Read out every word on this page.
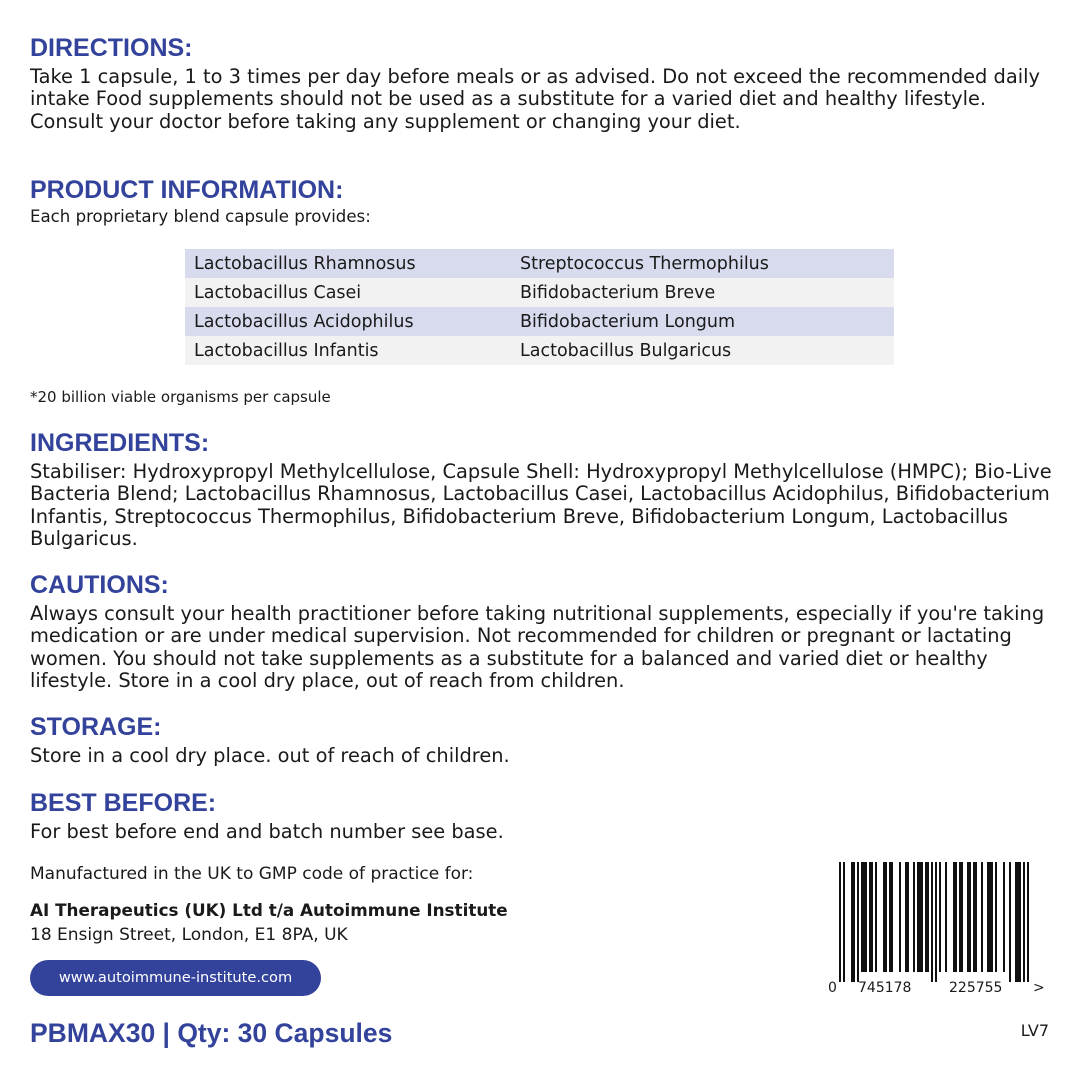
DIRECTIONS:

Take 1 capsule, 1 to 3 times per day before meals or as advised. Do not exceed the recommended daily intake Food supplements should not be used as a substitute for a varied diet and healthy lifestyle. Consult your doctor before taking any supplement or changing your diet.

PRODUCT INFORMATION:

Each proprietary blend capsule provides:

Lactobacillus Rhamnosus	Streptococcus Thermophilus
Lactobacillus Casei	Bifidobacterium Breve
Lactobacillus Acidophilus	Bifidobacterium Longum
Lactobacillus Infantis	Lactobacillus Bulgaricus

*20 billion viable organisms per capsule

INGREDIENTS:

Stabiliser: Hydroxypropyl Methylcellulose, Capsule Shell: Hydroxypropyl Methylcellulose (HMPC); Bio-Live Bacteria Blend; Lactobacillus Rhamnosus, Lactobacillus Casei, Lactobacillus Acidophilus, Bifidobacterium Infantis, Streptococcus Thermophilus, Bifidobacterium Breve, Bifidobacterium Longum, Lactobacillus Bulgaricus.

CAUTIONS:

Always consult your health practitioner before taking nutritional supplements, especially if you're taking medication or are under medical supervision. Not recommended for children or pregnant or lactating women. You should not take supplements as a substitute for a balanced and varied diet or healthy lifestyle. Store in a cool dry place, out of reach from children.

STORAGE:

Store in a cool dry place. out of reach of children.

BEST BEFORE:

For best before end and batch number see base.

Manufactured in the UK to GMP code of practice for:

AI Therapeutics (UK) Ltd t/a Autoimmune Institute

18 Ensign Street, London, E1 8PA, UK

www.autoimmune-institute.com

PBMAX30 | Qty: 30 Capsules	LV7

0 745178	225755 >
